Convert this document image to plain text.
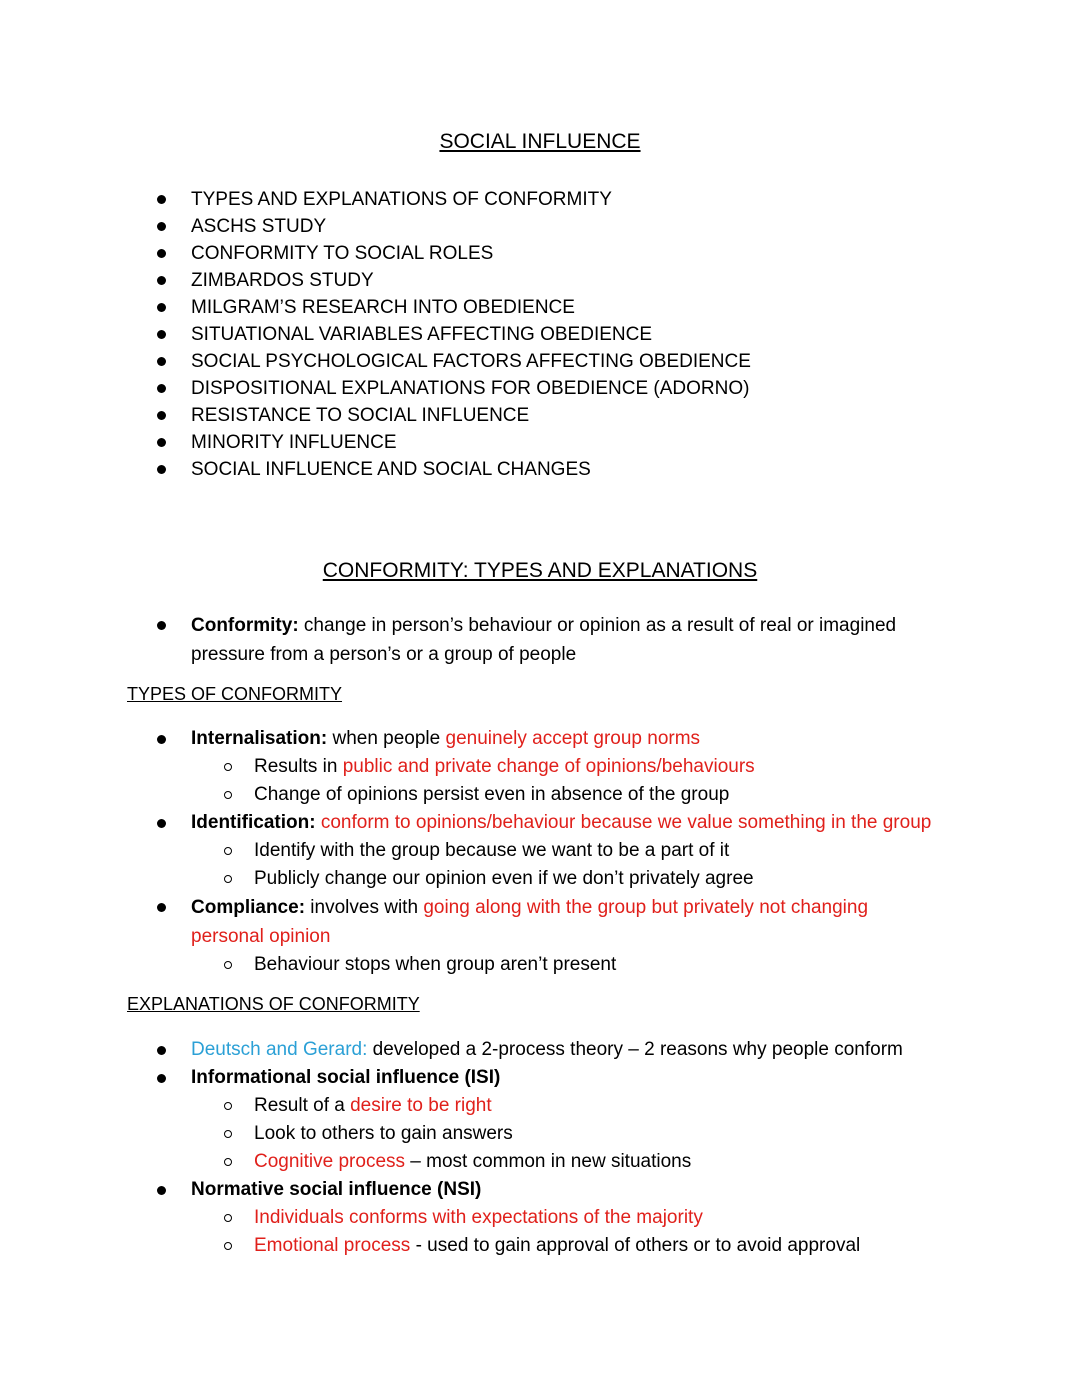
SOCIAL INFLUENCE
TYPES AND EXPLANATIONS OF CONFORMITY
ASCHS STUDY
CONFORMITY TO SOCIAL ROLES
ZIMBARDOS STUDY
MILGRAM’S RESEARCH INTO OBEDIENCE
SITUATIONAL VARIABLES AFFECTING OBEDIENCE
SOCIAL PSYCHOLOGICAL FACTORS AFFECTING OBEDIENCE
DISPOSITIONAL EXPLANATIONS FOR OBEDIENCE (ADORNO)
RESISTANCE TO SOCIAL INFLUENCE
MINORITY INFLUENCE
SOCIAL INFLUENCE AND SOCIAL CHANGES
CONFORMITY: TYPES AND EXPLANATIONS
Conformity: change in person’s behaviour or opinion as a result of real or imagined pressure from a person’s or a group of people
TYPES OF CONFORMITY
Internalisation: when people genuinely accept group norms
Results in public and private change of opinions/behaviours
Change of opinions persist even in absence of the group
Identification: conform to opinions/behaviour because we value something in the group
Identify with the group because we want to be a part of it
Publicly change our opinion even if we don’t privately agree
Compliance: involves with going along with the group but privately not changing personal opinion
Behaviour stops when group aren’t present
EXPLANATIONS OF CONFORMITY
Deutsch and Gerard: developed a 2-process theory – 2 reasons why people conform
Informational social influence (ISI)
Result of a desire to be right
Look to others to gain answers
Cognitive process – most common in new situations
Normative social influence (NSI)
Individuals conforms with expectations of the majority
Emotional process - used to gain approval of others or to avoid approval
